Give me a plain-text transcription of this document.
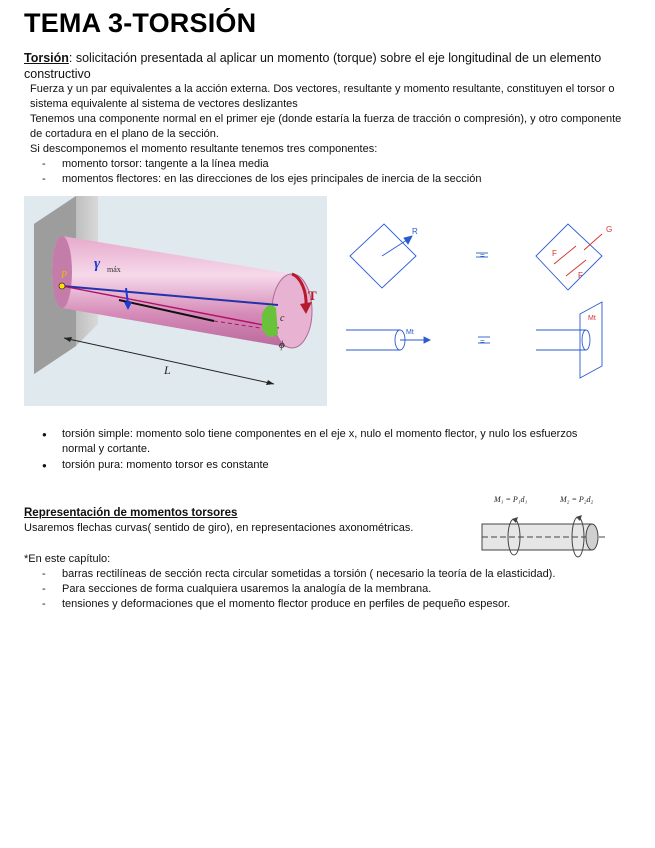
TEMA 3-TORSIÓN

Torsión: solicitación presentada al aplicar un momento (torque) sobre el eje longitudinal de un elemento constructivo

Fuerza y un par equivalentes a la acción externa. Dos vectores, resultante y momento resultante, constituyen el torsor o sistema equivalente al sistema de vectores deslizantes

Tenemos una componente normal en el primer eje (donde estaría la fuerza de tracción o compresión), y otro componente de cortadura en el plano de la sección.

Si descomponemos el momento resultante tenemos tres componentes:

- momento torsor: tangente a la línea media
- momentos flectores: en las direcciones de los ejes principales de inercia de la sección
P
γ máx
T
c
ϕ
L
R
=
G
F
F
Mt
=
Mt
● torsión simple: momento solo tiene componentes en el eje x, nulo el momento flector, y nulo los esfuerzos normal y cortante.
● torsión pura: momento torsor es constante

Representación de momentos torsores

Usaremos flechas curvas( sentido de giro), en representaciones axonométricas.

M₁ = P₁d₁	M₂ = P₂d₂

*En este capítulo:

- barras rectilíneas de sección recta circular sometidas a torsión ( necesario la teoría de la elasticidad).
- Para secciones de forma cualquiera usaremos la analogía de la membrana.
- tensiones y deformaciones que el momento flector produce en perfiles de pequeño espesor.
